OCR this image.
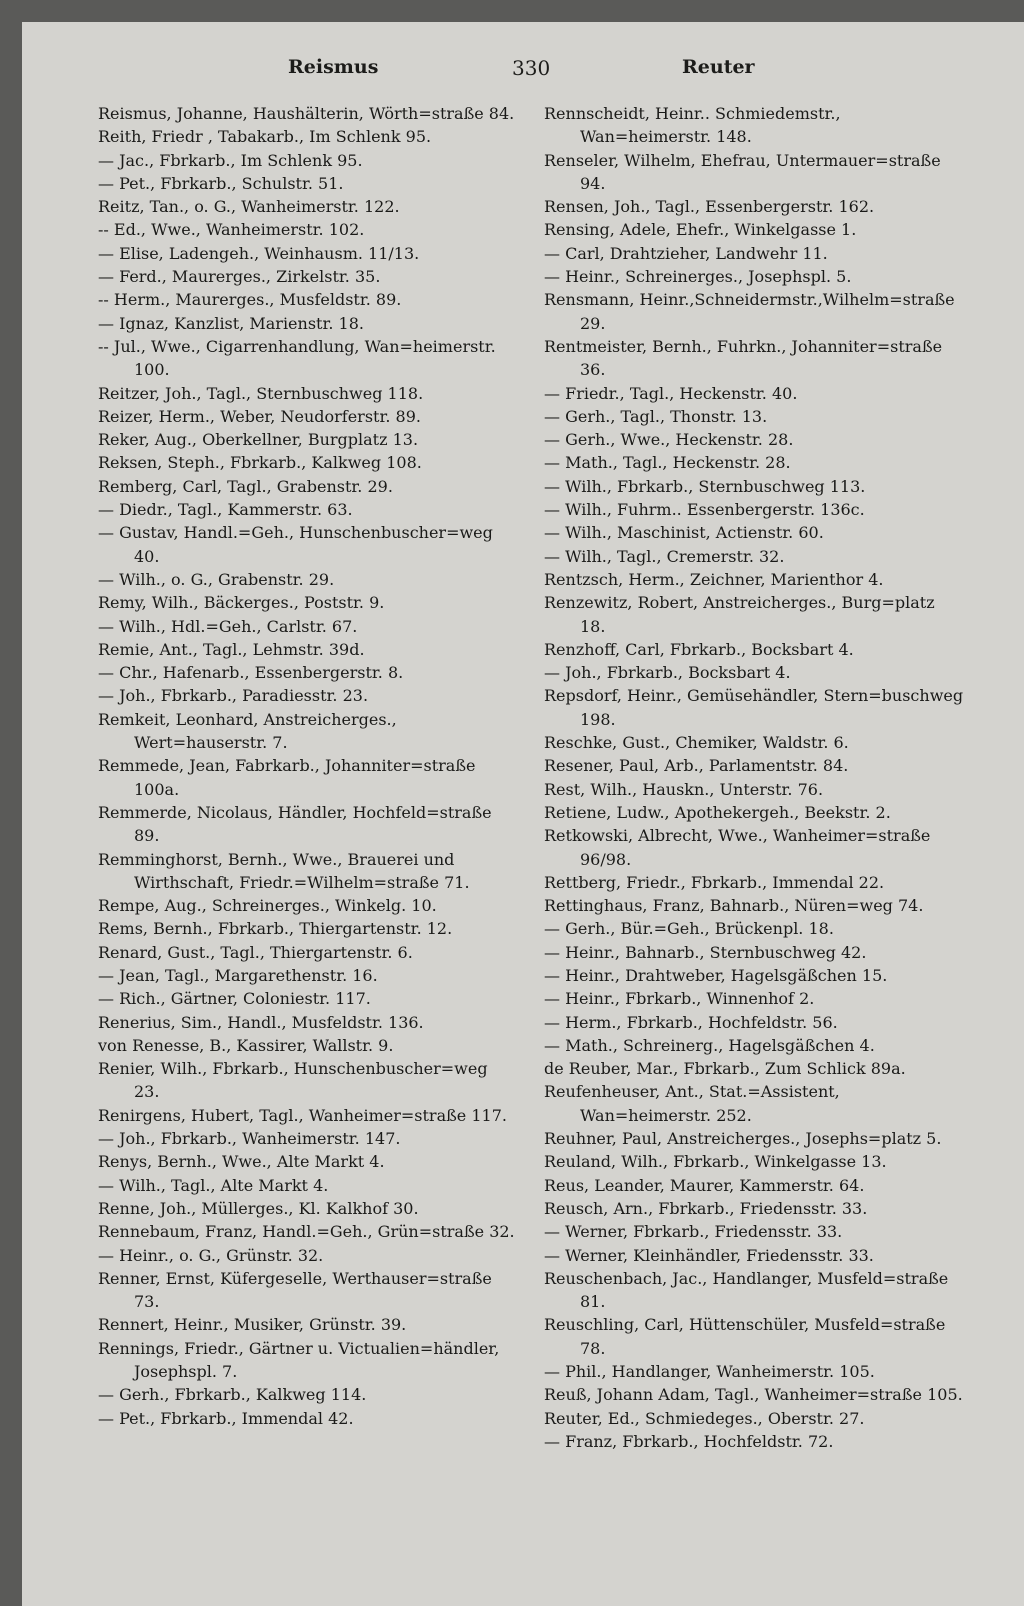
Reismus	330	Reuter
Reismus, Johanne, Haushälterin, Wörth=straße 84.
Reith, Friedr , Tabakarb., Im Schlenk 95.
— Jac., Fbrkarb., Im Schlenk 95.
— Pet., Fbrkarb., Schulstr. 51.
Reitz, Tan., o. G., Wanheimerstr. 122.
-- Ed., Wwe., Wanheimerstr. 102.
— Elise, Ladengeh., Weinhausm. 11/13.
— Ferd., Maurerges., Zirkelstr. 35.
-- Herm., Maurerges., Musfeldstr. 89.
— Ignaz, Kanzlist, Marienstr. 18.
-- Jul., Wwe., Cigarrenhandlung, Wan=heimerstr. 100.
Reitzer, Joh., Tagl., Sternbuschweg 118.
Reizer, Herm., Weber, Neudorferstr. 89.
Reker, Aug., Oberkellner, Burgplatz 13.
Reksen, Steph., Fbrkarb., Kalkweg 108.
Remberg, Carl, Tagl., Grabenstr. 29.
— Diedr., Tagl., Kammerstr. 63.
— Gustav, Handl.=Geh., Hunschenbuscher=weg 40.
— Wilh., o. G., Grabenstr. 29.
Remy, Wilh., Bäckerges., Poststr. 9.
— Wilh., Hdl.=Geh., Carlstr. 67.
Remie, Ant., Tagl., Lehmstr. 39d.
— Chr., Hafenarb., Essenbergerstr. 8.
— Joh., Fbrkarb., Paradiesstr. 23.
Remkeit, Leonhard, Anstreicherges., Wert=hauserstr. 7.
Remmede, Jean, Fabrkarb., Johanniter=straße 100a.
Remmerde, Nicolaus, Händler, Hochfeld=straße 89.
Remminghorst, Bernh., Wwe., Brauerei und Wirthschaft, Friedr.=Wilhelm=straße 71.
Rempe, Aug., Schreinerges., Winkelg. 10.
Rems, Bernh., Fbrkarb., Thiergartenstr. 12.
Renard, Gust., Tagl., Thiergartenstr. 6.
— Jean, Tagl., Margarethenstr. 16.
— Rich., Gärtner, Coloniestr. 117.
Renerius, Sim., Handl., Musfeldstr. 136.
von Renesse, B., Kassirer, Wallstr. 9.
Renier, Wilh., Fbrkarb., Hunschenbuscher=weg 23.
Renirgens, Hubert, Tagl., Wanheimer=straße 117.
— Joh., Fbrkarb., Wanheimerstr. 147.
Renys, Bernh., Wwe., Alte Markt 4.
— Wilh., Tagl., Alte Markt 4.
Renne, Joh., Müllerges., Kl. Kalkhof 30.
Rennebaum, Franz, Handl.=Geh., Grün=straße 32.
— Heinr., o. G., Grünstr. 32.
Renner, Ernst, Küfergeselle, Werthauser=straße 73.
Rennert, Heinr., Musiker, Grünstr. 39.
Rennings, Friedr., Gärtner u. Victualien=händler, Josephspl. 7.
— Gerh., Fbrkarb., Kalkweg 114.
— Pet., Fbrkarb., Immendal 42.
Rennscheidt, Heinr.. Schmiedemstr., Wan=heimerstr. 148.
Renseler, Wilhelm, Ehefrau, Untermauer=straße 94.
Rensen, Joh., Tagl., Essenbergerstr. 162.
Rensing, Adele, Ehefr., Winkelgasse 1.
— Carl, Drahtzieher, Landwehr 11.
— Heinr., Schreinerges., Josephspl. 5.
Rensmann, Heinr.,Schneidermstr.,Wilhelm=straße 29.
Rentmeister, Bernh., Fuhrkn., Johanniter=straße 36.
— Friedr., Tagl., Heckenstr. 40.
— Gerh., Tagl., Thonstr. 13.
— Gerh., Wwe., Heckenstr. 28.
— Math., Tagl., Heckenstr. 28.
— Wilh., Fbrkarb., Sternbuschweg 113.
— Wilh., Fuhrm.. Essenbergerstr. 136c.
— Wilh., Maschinist, Actienstr. 60.
— Wilh., Tagl., Cremerstr. 32.
Rentzsch, Herm., Zeichner, Marienthor 4.
Renzewitz, Robert, Anstreicherges., Burg=platz 18.
Renzhoff, Carl, Fbrkarb., Bocksbart 4.
— Joh., Fbrkarb., Bocksbart 4.
Repsdorf, Heinr., Gemüsehändler, Stern=buschweg 198.
Reschke, Gust., Chemiker, Waldstr. 6.
Resener, Paul, Arb., Parlamentstr. 84.
Rest, Wilh., Hauskn., Unterstr. 76.
Retiene, Ludw., Apothekergeh., Beekstr. 2.
Retkowski, Albrecht, Wwe., Wanheimer=straße 96/98.
Rettberg, Friedr., Fbrkarb., Immendal 22.
Rettinghaus, Franz, Bahnarb., Nüren=weg 74.
— Gerh., Bür.=Geh., Brückenpl. 18.
— Heinr., Bahnarb., Sternbuschweg 42.
— Heinr., Drahtweber, Hagelsgäßchen 15.
— Heinr., Fbrkarb., Winnenhof 2.
— Herm., Fbrkarb., Hochfeldstr. 56.
— Math., Schreinerg., Hagelsgäßchen 4.
de Reuber, Mar., Fbrkarb., Zum Schlick 89a.
Reufenheuser, Ant., Stat.=Assistent, Wan=heimerstr. 252.
Reuhner, Paul, Anstreicherges., Josephs=platz 5.
Reuland, Wilh., Fbrkarb., Winkelgasse 13.
Reus, Leander, Maurer, Kammerstr. 64.
Reusch, Arn., Fbrkarb., Friedensstr. 33.
— Werner, Fbrkarb., Friedensstr. 33.
— Werner, Kleinhändler, Friedensstr. 33.
Reuschenbach, Jac., Handlanger, Musfeld=straße 81.
Reuschling, Carl, Hüttenschüler, Musfeld=straße 78.
— Phil., Handlanger, Wanheimerstr. 105.
Reuß, Johann Adam, Tagl., Wanheimer=straße 105.
Reuter, Ed., Schmiedeges., Oberstr. 27.
— Franz, Fbrkarb., Hochfeldstr. 72.
